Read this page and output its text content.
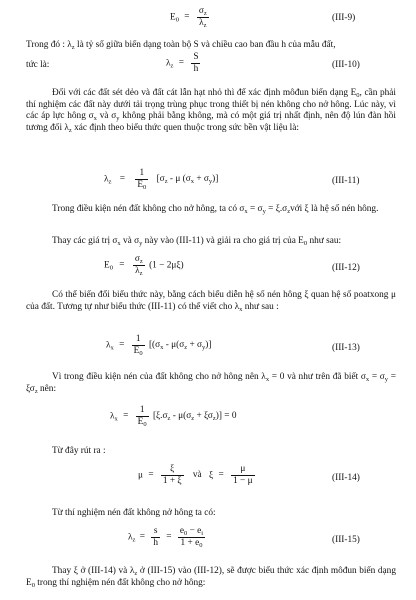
$E_0 = \frac{\sigma_z}{\lambda_z}$	(III-9)

Trong đó : $\lambda_z$ là tỷ số giữa biến dạng toàn bộ S và chiều cao ban đầu h của mẫu đất,

tức là:	$\lambda_z = \frac{S}{h}$	(III-10)

Đối với các đất sét dẻo và đất cát lẫn hạt nhỏ thì để xác định môđun biến dạng $E_0$, cần phải thí nghiệm các đất này dưới tải trọng trùng phục trong thiết bị nén không cho nở hông. Lúc này, vì các áp lực hông $\sigma_x$ và $\sigma_y$ không phải bằng không, mà có một giá trị nhất định, nên độ lún đàn hồi tương đối $\lambda_z$ xác định theo biểu thức quen thuộc trong sức bền vật liệu là:

$\lambda_z = \frac{1}{E_0} [\sigma_z - \mu$ $(\sigma_x + \sigma_y)$]	(III-11)

Trong điều kiện nén đất không cho nở hông, ta có $\sigma_x = \sigma_y$ = $\xi.\sigma_zvới$ ξ là hệ số nén hông.

Thay các giá trị $\sigma_x$ và $\sigma_y$ này vào (III-11) và giải ra cho giá trị của $E_0$ như sau:

$E_0 = \frac{\sigma_z}{\lambda_z} (1 - 2\mu\xi)$	(III-12)

Có thể biến đổi biểu thức này, bằng cách biểu diễn hệ số nén hông ξ quan hệ số poatxong μ của đất. Tương tự như biểu thức (III-11) có thể viết cho $\lambda_x$ như sau :

$\lambda_x = \frac{1}{E_0} [(\sigma_x - \mu(\sigma_z + \sigma_y)]$	(III-13)

Vì trong điều kiện nén của đất không cho nở hông nên $\lambda_x = 0$ và như trên đã biết $\sigma_x = \sigma_y = \xi\sigma_z$ nên:

$\lambda_x = \frac{1}{E_0} [\xi.\sigma_z - \mu(\sigma_z + \xi\sigma_z)] = 0$
Từ đây rút ra :
$\mu = \frac{\xi}{1 + \xi}$ và $\xi = \frac{\mu}{1 - \mu}$	(III-14)
Từ thí nghiệm nén đất không nở hông ta có:
$\lambda_z = \frac{s}{h} = \frac{e_0 - e_i}{1 + e_0}$	(III-15)

Thay ξ ở (III-14) và $\lambda_z$ ở (III-15) vào (III-12), sẽ được biểu thức xác định môđun biến dạng $E_0$ trong thí nghiệm nén đất không cho nở hông:
